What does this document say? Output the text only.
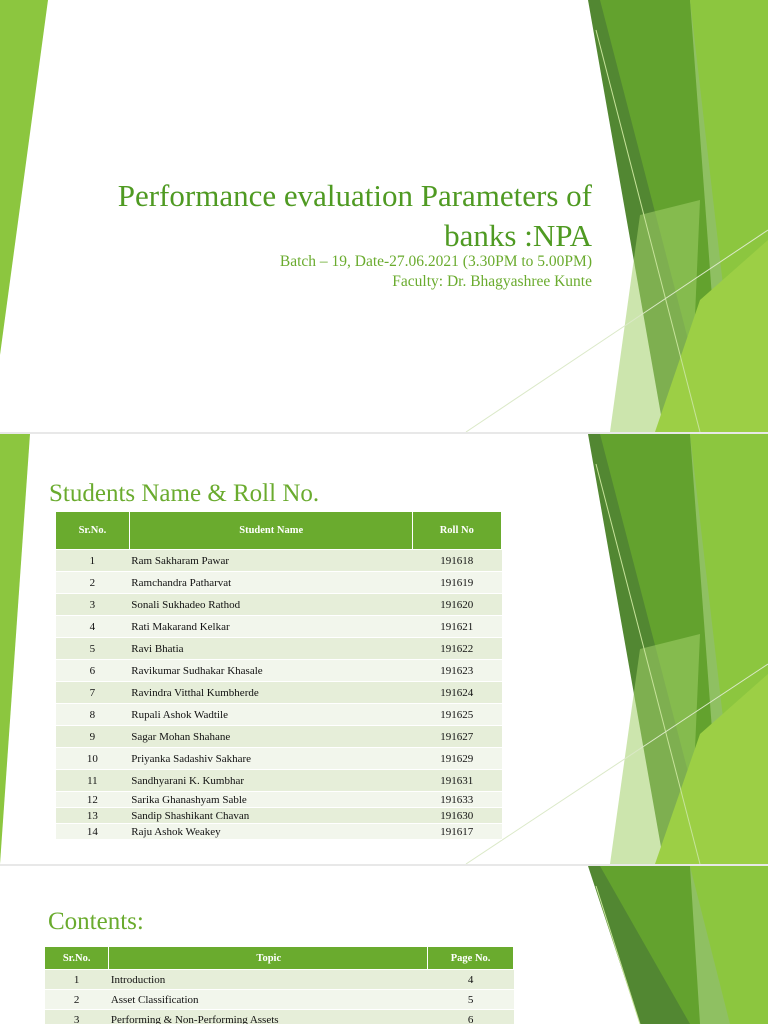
Performance evaluation Parameters of banks :NPA
Batch – 19, Date-27.06.2021 (3.30PM to 5.00PM)
Faculty: Dr. Bhagyashree Kunte
Students Name & Roll No.
Sr.No.	Student Name	Roll No
1	Ram Sakharam Pawar	191618
2	Ramchandra Patharvat	191619
3	Sonali Sukhadeo Rathod	191620
4	Rati Makarand Kelkar	191621
5	Ravi Bhatia	191622
6	Ravikumar Sudhakar Khasale	191623
7	Ravindra Vitthal Kumbherde	191624
8	Rupali Ashok Wadtile	191625
9	Sagar Mohan Shahane	191627
10	Priyanka Sadashiv Sakhare	191629
11	Sandhyarani K. Kumbhar	191631
12	Sarika Ghanashyam Sable	191633
13	Sandip Shashikant Chavan	191630
14	Raju Ashok Weakey	191617
Contents:
Sr.No.	Topic	Page No.
1	Introduction	4
2	Asset Classification	5
3	Performing & Non-Performing Assets	6
